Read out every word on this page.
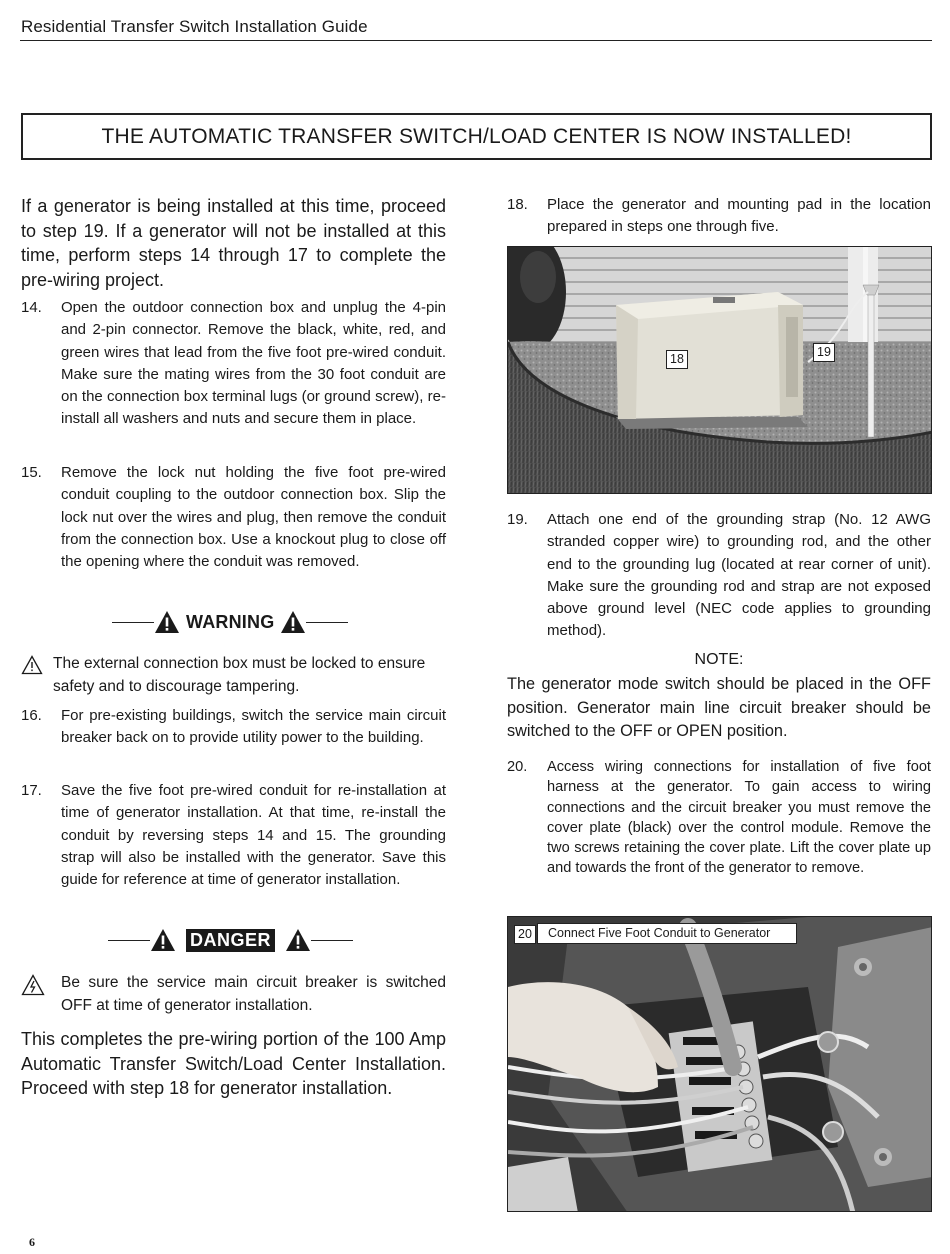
Residential Transfer Switch Installation Guide
THE AUTOMATIC TRANSFER SWITCH/LOAD CENTER IS NOW INSTALLED!

If a generator is being installed at this time, proceed to step 19. If a generator will not be installed at this time, perform steps 14 through 17 to complete the pre-wiring project.

14.	Open the outdoor connection box and unplug the 4-pin and 2-pin connector. Remove the black, white, red, and green wires that lead from the five foot pre-wired conduit. Make sure the mating wires from the 30 foot conduit are on the connection box terminal lugs (or ground screw), re-install all washers and nuts and secure them in place.

15.	Remove the lock nut holding the five foot pre-wired conduit coupling to the outdoor connection box. Slip the lock nut over the wires and plug, then remove the conduit from the connection box. Use a knockout plug to close off the opening where the conduit was removed.

WARNING

The external connection box must be locked to ensure safety and to discourage tampering.

16.	For pre-existing buildings, switch the service main circuit breaker back on to provide utility power to the building.

17.	Save the five foot pre-wired conduit for re-installation at time of generator installation. At that time, re-install the conduit by reversing steps 14 and 15. The grounding strap will also be installed with the generator. Save this guide for reference at time of generator installation.

DANGER

Be sure the service main circuit breaker is switched OFF at time of generator installation.

This completes the pre-wiring portion of the 100 Amp Automatic Transfer Switch/Load Center Installation. Proceed with step 18 for generator installation.

18.	Place the generator and mounting pad in the location prepared in steps one through five.

18	19
19.	Attach one end of the grounding strap (No. 12 AWG stranded copper wire) to grounding rod, and the other end to the grounding lug (located at rear corner of unit). Make sure the grounding rod and strap are not exposed above ground level (NEC code applies to grounding method).

NOTE:

The generator mode switch should be placed in the OFF position. Generator main line circuit breaker should be switched to the OFF or OPEN position.

20.	Access wiring connections for installation of five foot harness at the generator. To gain access to wiring connections and the circuit breaker you must remove the cover plate (black) over the control module. Remove the two screws retaining the cover plate. Lift the cover plate up and towards the front of the generator to remove.

20	Connect Five Foot Conduit to Generator
6
